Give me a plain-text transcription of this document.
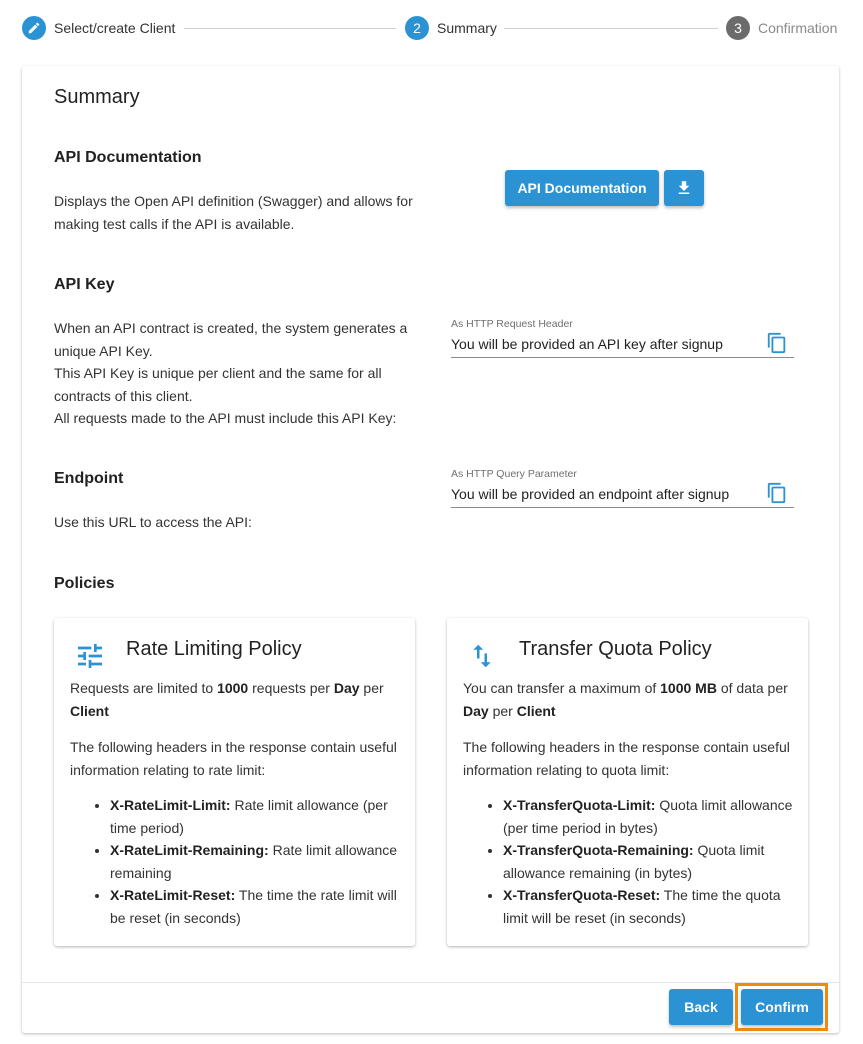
Select/create Client	2	Summary	3	Confirmation
Summary
API Documentation
Displays the Open API definition (Swagger) and allows for making test calls if the API is available.
API Documentation
API Key
When an API contract is created, the system generates a unique API Key.
This API Key is unique per client and the same for all contracts of this client.
All requests made to the API must include this API Key:
As HTTP Request Header
You will be provided an API key after signup
Endpoint
Use this URL to access the API:
As HTTP Query Parameter
You will be provided an endpoint after signup
Policies
Rate Limiting Policy
Requests are limited to 1000 requests per Day per Client
The following headers in the response contain useful information relating to rate limit:
• X-RateLimit-Limit: Rate limit allowance (per time period)
• X-RateLimit-Remaining: Rate limit allowance remaining
• X-RateLimit-Reset: The time the rate limit will be reset (in seconds)
Transfer Quota Policy
You can transfer a maximum of 1000 MB of data per Day per Client
The following headers in the response contain useful information relating to quota limit:
• X-TransferQuota-Limit: Quota limit allowance (per time period in bytes)
• X-TransferQuota-Remaining: Quota limit allowance remaining (in bytes)
• X-TransferQuota-Reset: The time the quota limit will be reset (in seconds)
Back	Confirm
